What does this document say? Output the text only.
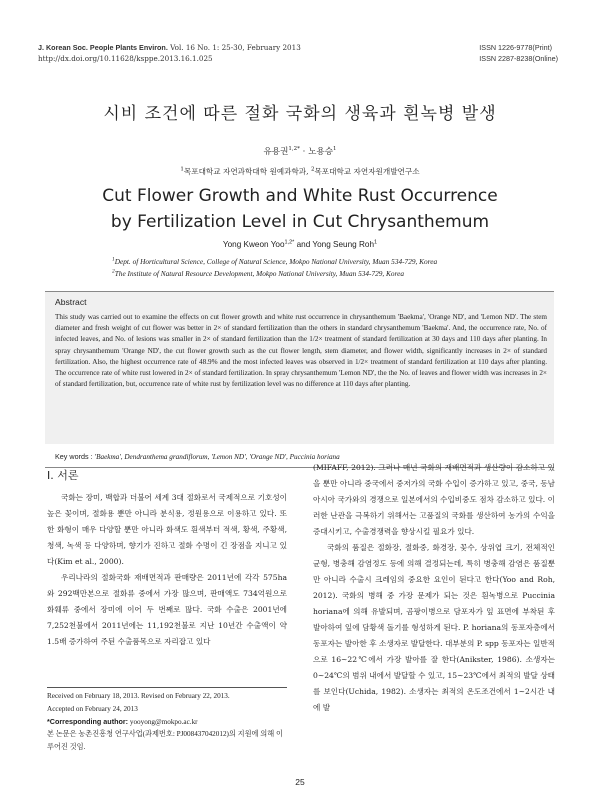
J. Korean Soc. People Plants Environ. Vol. 16 No. 1: 25-30, February 2013
http://dx.doi.org/10.11628/ksppe.2013.16.1.025
ISSN 1226-9778(Print)
ISSN 2287-8238(Online)
시비 조건에 따른 절화 국화의 생육과 흰녹병 발생
유용권$^{1,2*}$ · 노용승$^1$
$^1$목포대학교 자연과학대학 원예과학과, $^2$목포대학교 자연자원개발연구소
Cut Flower Growth and White Rust Occurrence
by Fertilization Level in Cut Chrysanthemum
Yong Kweon Yoo$^{1,2*}$ and Yong Seung Roh$^1$
$^1$Dept. of Horticultural Science, College of Natural Science, Mokpo National University, Muan 534-729, Korea
$^2$The Institute of Natural Resource Development, Mokpo National University, Muan 534-729, Korea
Abstract
This study was carried out to examine the effects on cut flower growth and white rust occurrence in chrysanthemum 'Baekma', 'Orange ND', and 'Lemon ND'. The stem diameter and fresh weight of cut flower was better in 2× of standard fertilization than the others in standard chrysanthemum 'Baekma'. And, the occurrence rate, No. of infected leaves, and No. of lesions was smaller in 2× of standard fertilization than the 1/2× treatment of standard fertilization at 30 days and 110 days after planting. In spray chrysanthemum 'Orange ND', the cut flower growth such as the cut flower length, stem diameter, and flower width, significantly increases in 2× of standard fertilization. Also, the highest occurrence rate of 48.9% and the most infected leaves was observed in 1/2× treatment of standard fertilization at 110 days after planting. The occurrence rate of white rust lowered in 2× of standard fertilization. In spray chrysanthemum 'Lemon ND', the the No. of leaves and flower width was increases in 2× of standard fertilization, but, occurrence rate of white rust by fertilization level was no difference at 110 days after planting.
Key words : 'Baekma', Dendranthema grandiflorum, 'Lemon ND', 'Orange ND', Puccinia horiana
Ⅰ. 서론

국화는 장미, 백합과 더불어 세계 3대 절화로서 국제적으로 기호성이 높은 꽃이며, 절화용 뿐만 아니라 분식용, 정원용으로 이용하고 있다. 또한 화형이 매우 다양할 뿐만 아니라 화색도 흰색부터 적색, 황색, 주황색, 청색, 녹색 등 다양하며, 향기가 진하고 절화 수명이 긴 장점을 지니고 있다(Kim et al., 2000).

우리나라의 절화국화 재배면적과 판매량은 2011년에 각각 575ha와 292백만본으로 절화류 중에서 가장 많으며, 판매액도 734억원으로 화훼류 중에서 장미에 이어 두 번째로 많다. 국화 수출은 2001년에 7,252천불에서 2011년에는 11,192천불로 지난 10년간 수출액이 약 1.5배 증가하여 주된 수출품목으로 자리잡고 있다

(MIFAFF, 2012). 그러나 매년 국화의 재배면적과 생산량이 감소하고 있을 뿐만 아니라 중국에서 중저가의 국화 수입이 증가하고 있고, 중국, 동남아시아 국가와의 경쟁으로 일본에서의 수입비중도 점차 감소하고 있다. 이러한 난관을 극복하기 위해서는 고품질의 국화를 생산하여 농가의 수익을 증대시키고, 수출경쟁력을 향상시킬 필요가 있다.

국화의 품질은 절화장, 절화중, 화경장, 꽃수, 상위엽 크기, 전체적인 균형, 병충해 감염정도 등에 의해 결정되는데, 특히 병충해 감염은 품질뿐만 아니라 수출시 크레임의 중요한 요인이 된다고 한다(Yoo and Roh, 2012). 국화의 병해 중 가장 문제가 되는 것은 흰녹병으로 Puccinia horiana에 의해 유발되며, 곰팡이병으로 담포자가 잎 표면에 부착된 후 발아하여 잎에 담황색 돌기를 형성하게 된다. P. horiana의 동포자층에서 동포자는 발아한 후 소생자로 발달한다. 대부분의 P. spp 동포자는 일반적으로 16~22℃에서 가장 발아를 잘 한다(Anikster, 1986). 소생자는 0~24℃의 범위 내에서 발달할 수 있고, 15~23℃에서 최적의 발달 상태를 보인다(Uchida, 1982). 소생자는 최적의 온도조건에서 1~2시간 내에 발

Received on February 18, 2013. Revised on February 22, 2013.
Accepted on February 24, 2013
*Corresponding author: yooyong@mokpo.ac.kr
본 논문은 농촌진흥청 연구사업(과제번호: PJ008437042012)의 지원에 의해 이루어진 것임.
25
